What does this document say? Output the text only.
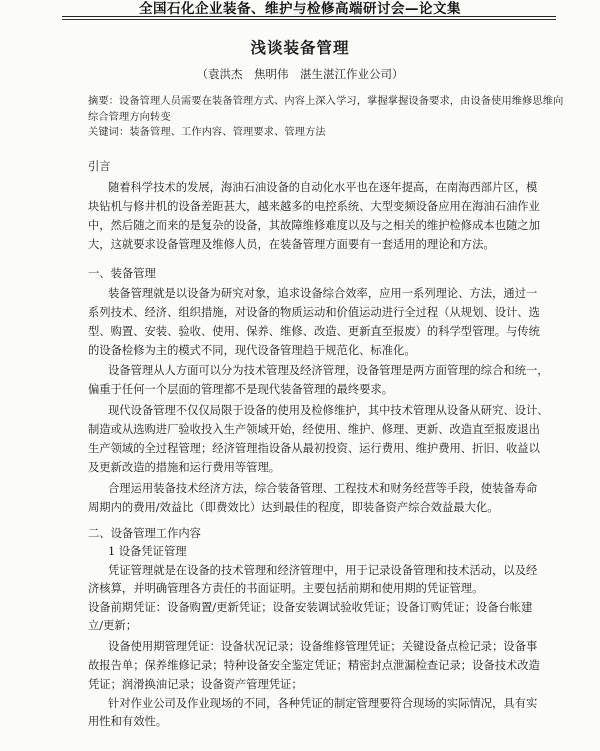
全国石化企业装备、维护与检修高端研讨会—论文集
浅谈装备管理
（袁洪杰　焦明伟　湛生湛江作业公司）
摘要：设备管理人员需要在装备管理方式、内容上深入学习，掌握掌握设备要求，由设备使用维修思维向
综合管理方向转变
关键词：装备管理、工作内容、管理要求、管理方法
引言
随着科学技术的发展，海油石油设备的自动化水平也在逐年提高，在南海西部片区，模
块钻机与修井机的设备差距甚大，越来越多的电控系统、大型变频设备应用在海油石油作业
中，然后随之而来的是复杂的设备，其故障维修难度以及与之相关的维护检修成本也随之加
大，这就要求设备管理及维修人员，在装备管理方面要有一套适用的理论和方法。
一、装备管理
装备管理就是以设备为研究对象，追求设备综合效率，应用一系列理论、方法，通过一
系列技术、经济、组织措施，对设备的物质运动和价值运动进行全过程（从规划、设计、选
型、购置、安装、验收、使用、保养、维修、改造、更新直至报废）的科学型管理。与传统
的设备检修为主的模式不同，现代设备管理趋于规范化、标准化。
设备管理从人方面可以分为技术管理及经济管理，设备管理是两方面管理的综合和统一，
偏重于任何一个层面的管理都不是现代装备管理的最终要求。
现代设备管理不仅仅局限于设备的使用及检修维护，其中技术管理从设备从研究、设计、
制造或从选购进厂验收投入生产领域开始，经使用、维护、修理、更新、改造直至报废退出
生产领域的全过程管理；经济管理指设备从最初投资、运行费用、维护费用、折旧、收益以
及更新改造的措施和运行费用等管理。
合理运用装备技术经济方法，综合装备管理、工程技术和财务经营等手段，使装备寿命
周期内的费用/效益比（即费效比）达到最佳的程度，即装备资产综合效益最大化。
二、设备管理工作内容
1 设备凭证管理
凭证管理就是在设备的技术管理和经济管理中，用于记录设备管理和技术活动，以及经
济核算，并明确管理各方责任的书面证明。主要包括前期和使用期的凭证管理。
设备前期凭证：设备购置/更新凭证；设备安装调试验收凭证；设备订购凭证；设备台帐建
立/更新；
设备使用期管理凭证：设备状况记录；设备维修管理凭证；关键设备点检记录；设备事
故报告单；保养维修记录；特种设备安全鉴定凭证；精密封点泄漏检查记录；设备技术改造
凭证；润滑换油记录；设备资产管理凭证；
针对作业公司及作业现场的不同，各种凭证的制定管理要符合现场的实际情况，具有实
用性和有效性。
